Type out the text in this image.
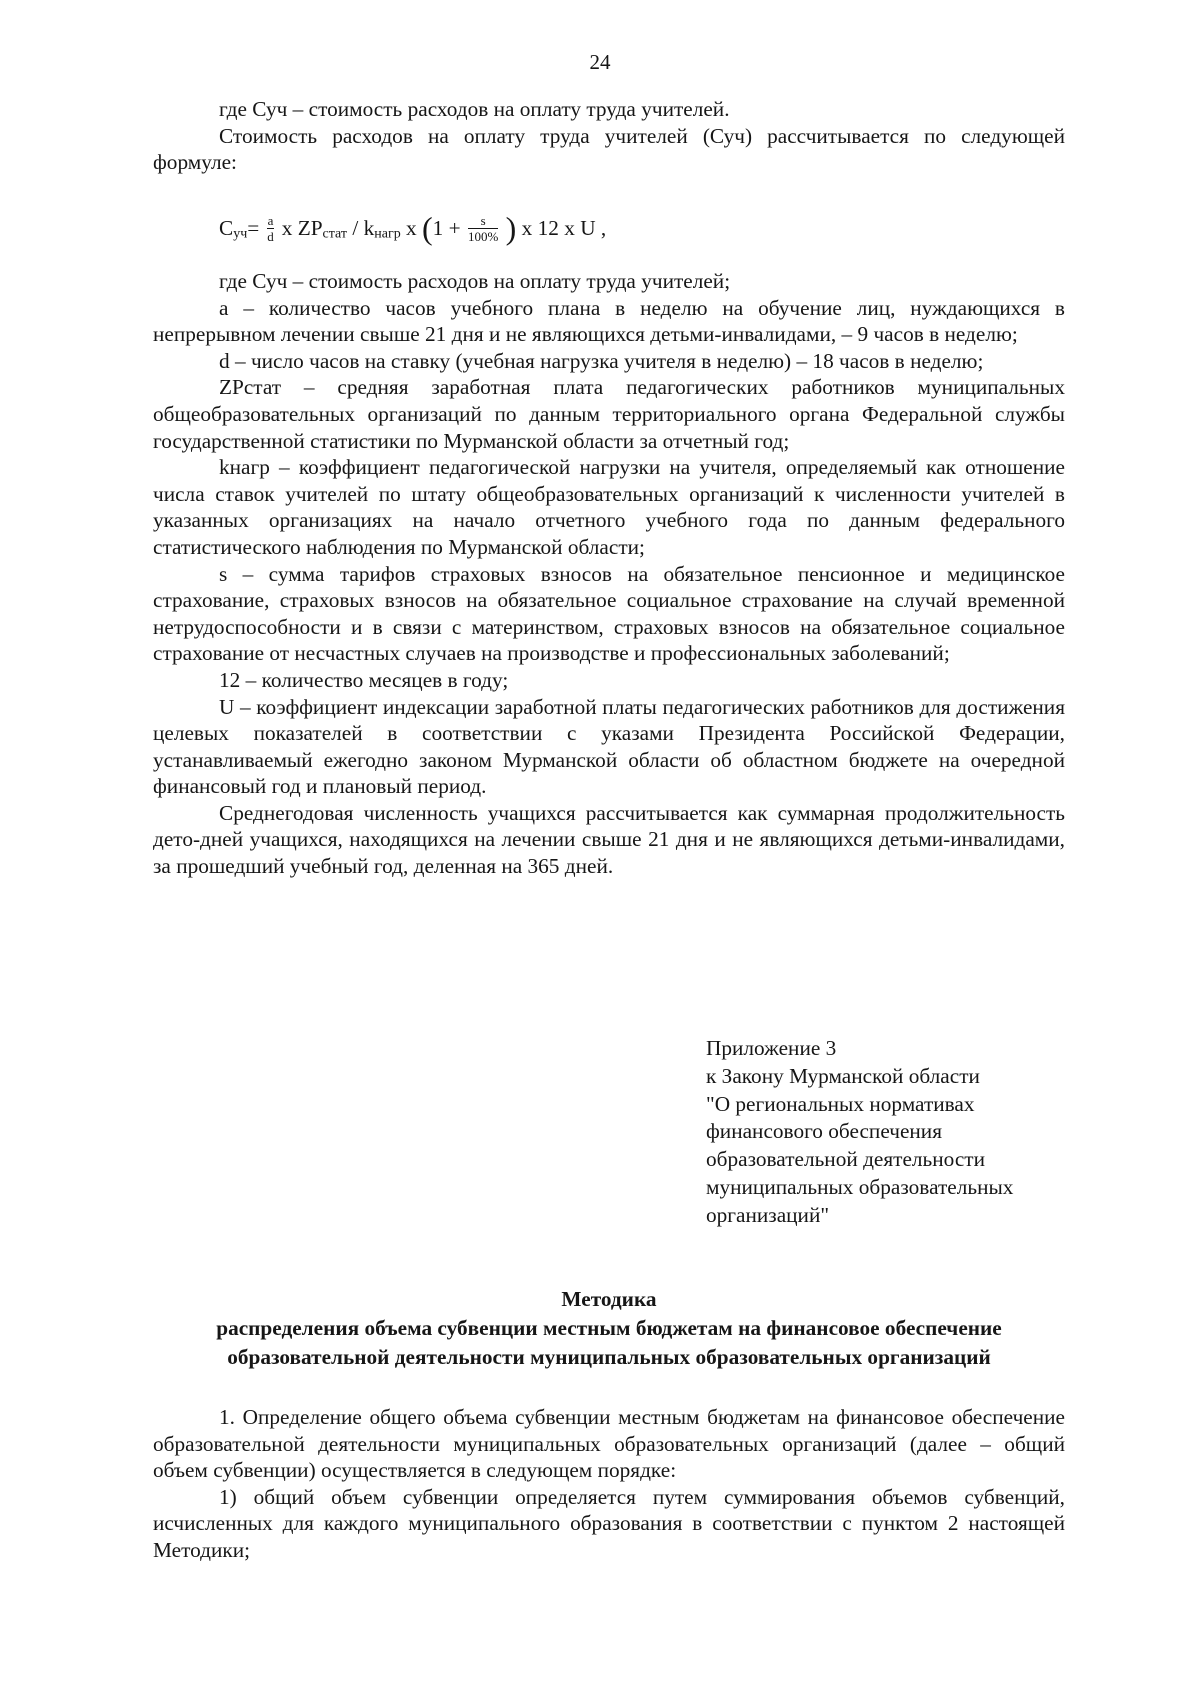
24

где Суч – стоимость расходов на оплату труда учителей.

Стоимость расходов на оплату труда учителей (Суч) рассчитывается по следующей формуле:

$С_{уч}= \frac{a}{d}$ x $ZP_{стат} / k_{нагр}$ x ($1 + \frac{s}{100\%}$ ) x 12 x U ,

где Суч – стоимость расходов на оплату труда учителей;

а – количество часов учебного плана в неделю на обучение лиц, нуждающихся в непрерывном лечении свыше 21 дня и не являющихся детьми-инвалидами, – 9 часов в неделю;

d – число часов на ставку (учебная нагрузка учителя в неделю) – 18 часов в неделю;

ZPстат – средняя заработная плата педагогических работников муниципальных общеобразовательных организаций по данным территориального органа Федеральной службы государственной статистики по Мурманской области за отчетный год;

kнагр – коэффициент педагогической нагрузки на учителя, определяемый как отношение числа ставок учителей по штату общеобразовательных организаций к численности учителей в указанных организациях на начало отчетного учебного года по данным федерального статистического наблюдения по Мурманской области;

s – сумма тарифов страховых взносов на обязательное пенсионное и медицинское страхование, страховых взносов на обязательное социальное страхование на случай временной нетрудоспособности и в связи с материнством, страховых взносов на обязательное социальное страхование от несчастных случаев на производстве и профессиональных заболеваний;

12 – количество месяцев в году;

U – коэффициент индексации заработной платы педагогических работников для достижения целевых показателей в соответствии с указами Президента Российской Федерации, устанавливаемый ежегодно законом Мурманской области об областном бюджете на очередной финансовый год и плановый период.

Среднегодовая численность учащихся рассчитывается как суммарная продолжительность дето-дней учащихся, находящихся на лечении свыше 21 дня и не являющихся детьми-инвалидами, за прошедший учебный год, деленная на 365 дней.

Приложение 3
к Закону Мурманской области
"О региональных нормативах
финансового обеспечения
образовательной деятельности
муниципальных образовательных
организаций"
Методика
распределения объема субвенции местным бюджетам на финансовое обеспечение
образовательной деятельности муниципальных образовательных организаций

1. Определение общего объема субвенции местным бюджетам на финансовое обеспечение образовательной деятельности муниципальных образовательных организаций (далее – общий объем субвенции) осуществляется в следующем порядке:

1) общий объем субвенции определяется путем суммирования объемов субвенций, исчисленных для каждого муниципального образования в соответствии с пунктом 2 настоящей Методики;
